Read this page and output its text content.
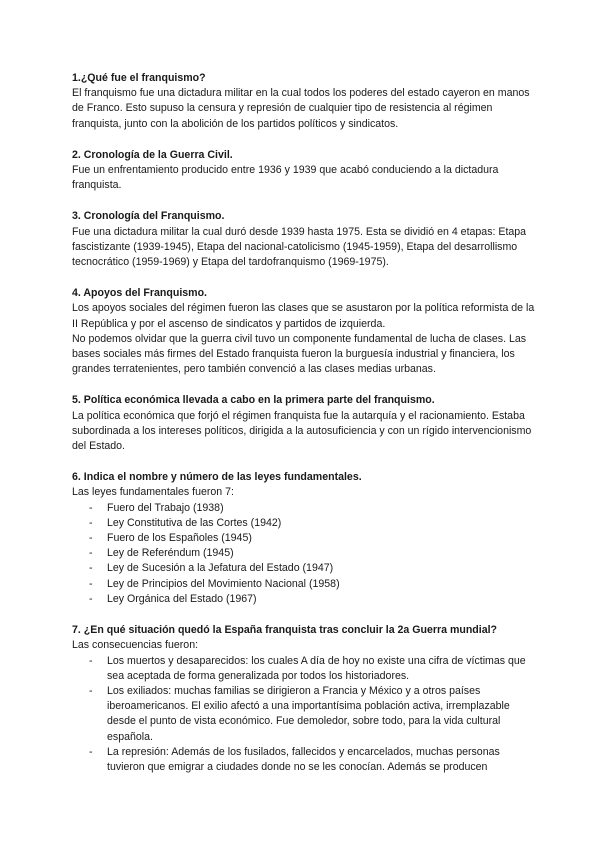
1.¿Qué fue el franquismo?

El franquismo fue una dictadura militar en la cual todos los poderes del estado cayeron en manos de Franco. Esto supuso la censura y represión de cualquier tipo de resistencia al régimen franquista, junto con la abolición de los partidos políticos y sindicatos.

2. Cronología de la Guerra Civil.

Fue un enfrentamiento producido entre 1936 y 1939 que acabó conduciendo a la dictadura franquista.

3. Cronología del Franquismo.

Fue una dictadura militar la cual duró desde 1939 hasta 1975. Esta se dividió en 4 etapas: Etapa fascistizante (1939-1945), Etapa del nacional-catolicismo (1945-1959), Etapa del desarrollismo tecnocrático (1959-1969) y Etapa del tardofranquismo (1969-1975).

4. Apoyos del Franquismo.

Los apoyos sociales del régimen fueron las clases que se asustaron por la política reformista de la II República y por el ascenso de sindicatos y partidos de izquierda.

No podemos olvidar que la guerra civil tuvo un componente fundamental de lucha de clases. Las bases sociales más firmes del Estado franquista fueron la burguesía industrial y financiera, los grandes terratenientes, pero también convenció a las clases medias urbanas.

5. Política económica llevada a cabo en la primera parte del franquismo.

La política económica que forjó el régimen franquista fue la autarquía y el racionamiento. Estaba subordinada a los intereses políticos, dirigida a la autosuficiencia y con un rígido intervencionismo del Estado.

6. Indica el nombre y número de las leyes fundamentales.

Las leyes fundamentales fueron 7:

- Fuero del Trabajo (1938)
- Ley Constitutiva de las Cortes (1942)
- Fuero de los Españoles (1945)
- Ley de Referéndum (1945)
- Ley de Sucesión a la Jefatura del Estado (1947)
- Ley de Principios del Movimiento Nacional (1958)
- Ley Orgánica del Estado (1967)

7. ¿En qué situación quedó la España franquista tras concluir la 2a Guerra mundial?

Las consecuencias fueron:

- Los muertos y desaparecidos: los cuales A día de hoy no existe una cifra de víctimas que sea aceptada de forma generalizada por todos los historiadores.
- Los exiliados: muchas familias se dirigieron a Francia y México y a otros países iberoamericanos. El exilio afectó a una importantísima población activa, irremplazable desde el punto de vista económico. Fue demoledor, sobre todo, para la vida cultural española.
- La represión: Además de los fusilados, fallecidos y encarcelados, muchas personas tuvieron que emigrar a ciudades donde no se les conocían. Además se producen
